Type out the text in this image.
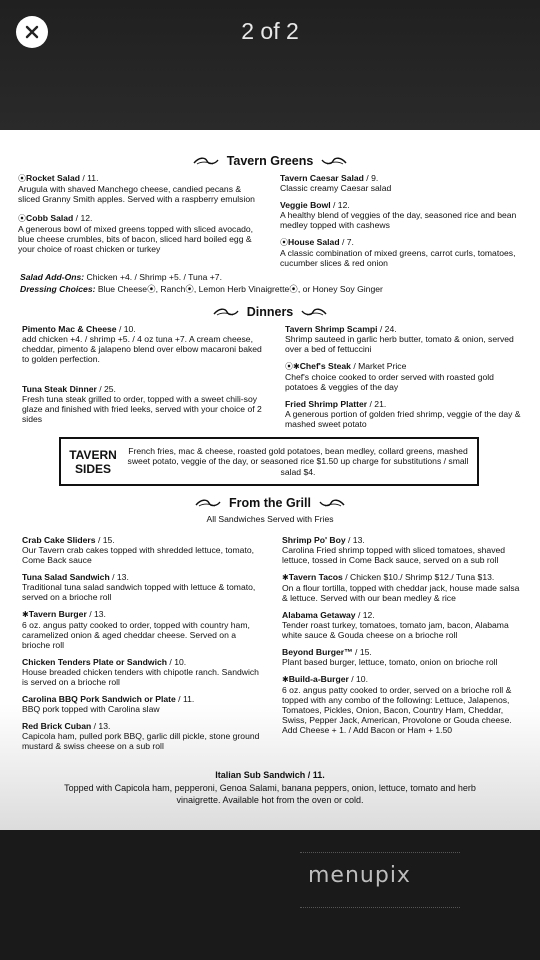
2 of 2
Tavern Greens
⦿Rocket Salad / 11.
Arugula with shaved Manchego cheese, candied pecans & sliced Granny Smith apples. Served with a raspberry emulsion
⦿Cobb Salad / 12.
A generous bowl of mixed greens topped with sliced avocado, blue cheese crumbles, bits of bacon, sliced hard boiled egg & your choice of roast chicken or turkey
Tavern Caesar Salad / 9.
Classic creamy Caesar salad
Veggie Bowl / 12.
A healthy blend of veggies of the day, seasoned rice and bean medley topped with cashews
⦿House Salad / 7.
A classic combination of mixed greens, carrot curls, tomatoes, cucumber slices & red onion
Salad Add-Ons: Chicken +4. / Shrimp +5. / Tuna +7.
Dressing Choices: Blue Cheese⦿, Ranch⦿, Lemon Herb Vinaigrette⦿, or Honey Soy Ginger
Dinners
Pimento Mac & Cheese / 10.
add chicken +4. / shrimp +5. / 4 oz tuna +7. A cream cheese, cheddar, pimento & jalapeno blend over elbow macaroni baked to golden perfection.
Tuna Steak Dinner / 25.
Fresh tuna steak grilled to order, topped with a sweet chili-soy glaze and finished with fried leeks, served with your choice of 2 sides
Tavern Shrimp Scampi / 24.
Shrimp sauteed in garlic herb butter, tomato & onion, served over a bed of fettuccini
⦿✱Chef's Steak / Market Price
Chef's choice cooked to order served with roasted gold potatoes & veggies of the day
Fried Shrimp Platter / 21.
A generous portion of golden fried shrimp, veggie of the day & mashed sweet potato
TAVERN SIDES
French fries, mac & cheese, roasted gold potatoes, bean medley, collard greens, mashed sweet potato, veggie of the day, or seasoned rice $1.50 up charge for substitutions / small salad $4.
From the Grill
All Sandwiches Served with Fries
Crab Cake Sliders / 15.
Our Tavern crab cakes topped with shredded lettuce, tomato, Come Back sauce
Tuna Salad Sandwich / 13.
Traditional tuna salad sandwich topped with lettuce & tomato, served on a brioche roll
✱Tavern Burger / 13.
6 oz. angus patty cooked to order, topped with country ham, caramelized onion & aged cheddar cheese. Served on a brioche roll
Chicken Tenders Plate or Sandwich / 10.
House breaded chicken tenders with chipotle ranch. Sandwich is served on a brioche roll
Carolina BBQ Pork Sandwich or Plate / 11.
BBQ pork topped with Carolina slaw
Red Brick Cuban / 13.
Capicola ham, pulled pork BBQ, garlic dill pickle, stone ground mustard & swiss cheese on a sub roll
Shrimp Po' Boy / 13.
Carolina Fried shrimp topped with sliced tomatoes, shaved lettuce, tossed in Come Back sauce, served on a sub roll
✱Tavern Tacos / Chicken $10./ Shrimp $12./ Tuna $13.
On a flour tortilla, topped with cheddar jack, house made salsa & lettuce. Served with our bean medley & rice
Alabama Getaway / 12.
Tender roast turkey, tomatoes, tomato jam, bacon, Alabama white sauce & Gouda cheese on a brioche roll
Beyond Burger™ / 15.
Plant based burger, lettuce, tomato, onion on brioche roll
✱Build-a-Burger / 10.
6 oz. angus patty cooked to order, served on a brioche roll & topped with any combo of the following: Lettuce, Jalapenos, Tomatoes, Pickles, Onion, Bacon, Country Ham, Cheddar, Swiss, Pepper Jack, American, Provolone or Gouda cheese. Add Cheese + 1. / Add Bacon or Ham + 1.50
Italian Sub Sandwich / 11.
Topped with Capicola ham, pepperoni, Genoa Salami, banana peppers, onion, lettuce, tomato and herb vinaigrette. Available hot from the oven or cold.
menupix
